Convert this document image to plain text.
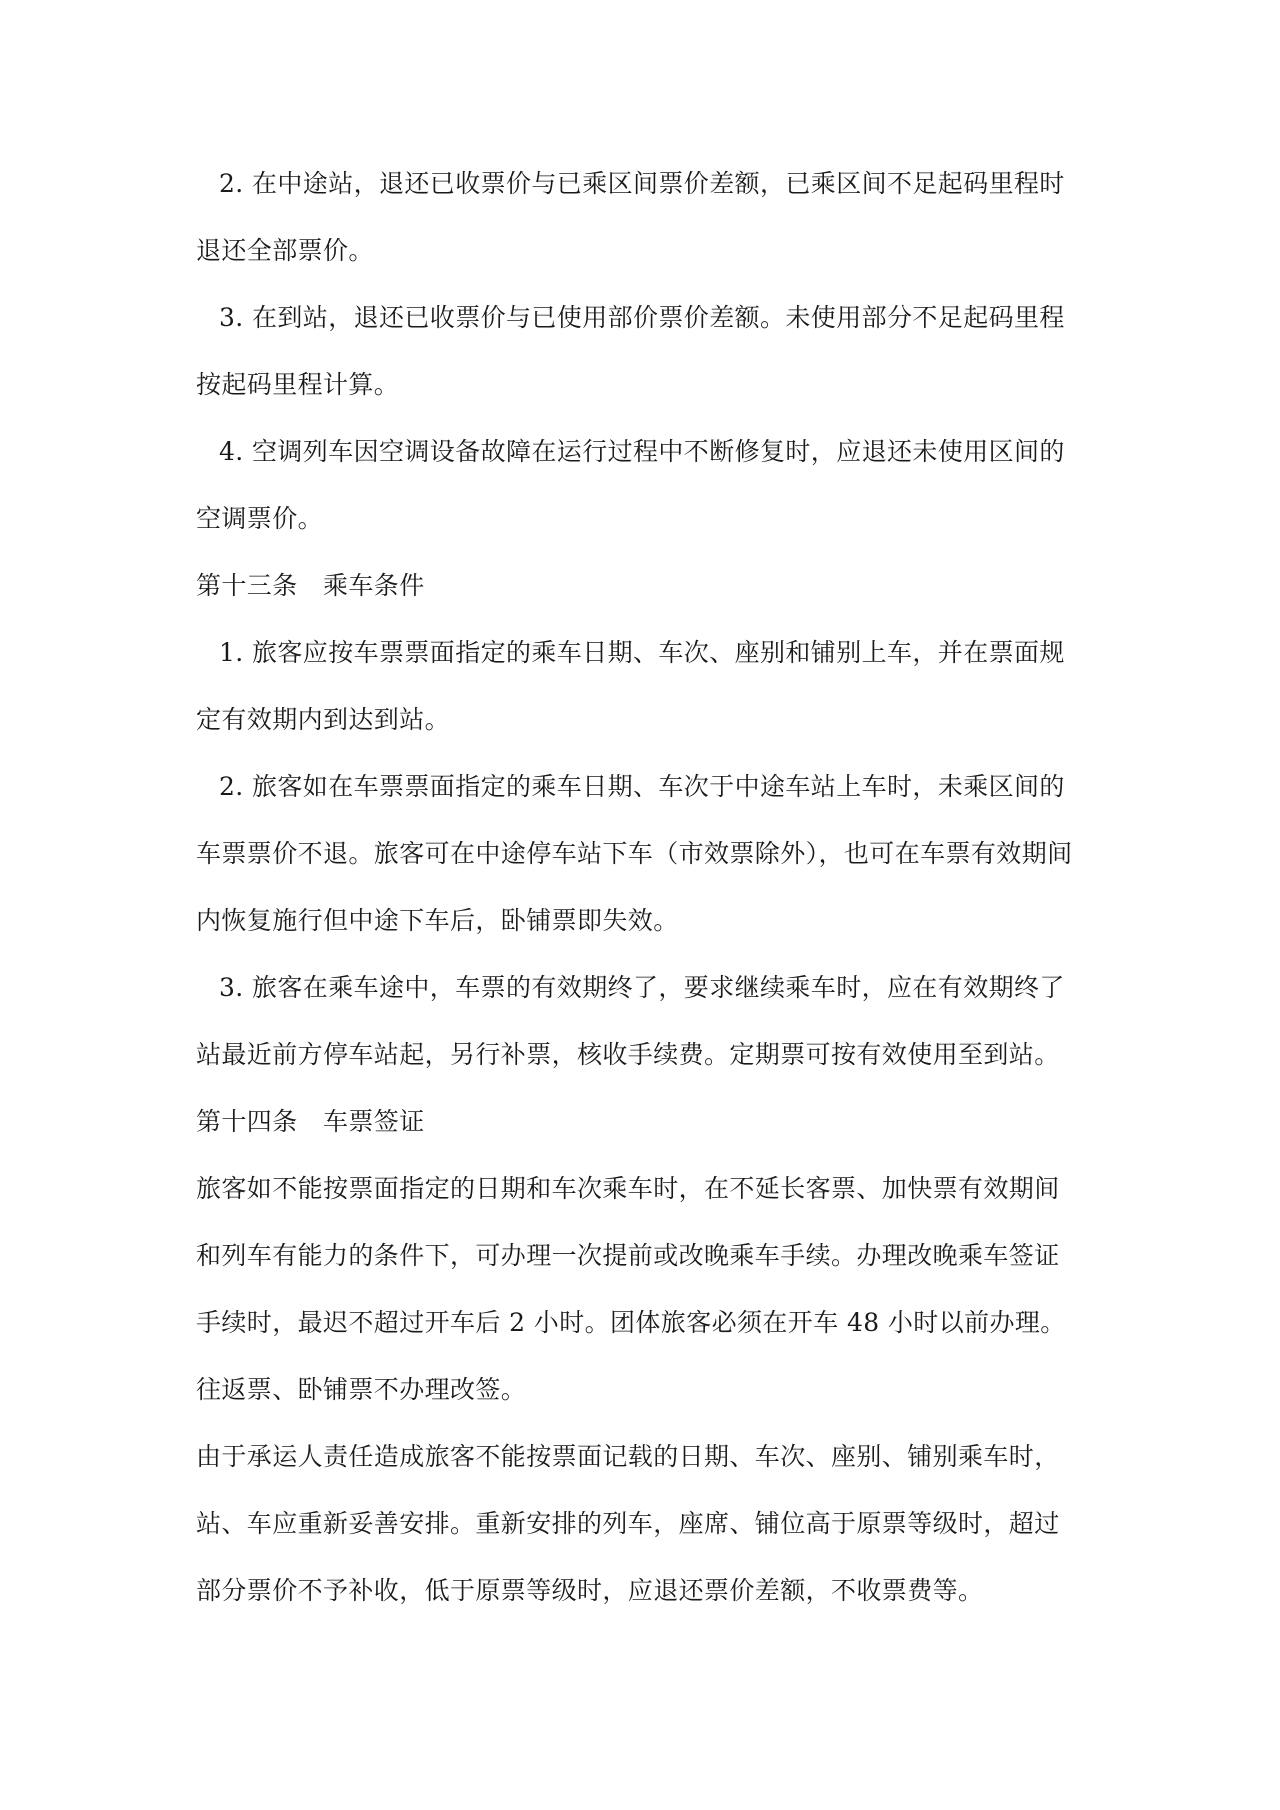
2. 在中途站，退还已收票价与已乘区间票价差额，已乘区间不足起码里程时
退还全部票价。
3. 在到站，退还已收票价与已使用部价票价差额。未使用部分不足起码里程
按起码里程计算。
4. 空调列车因空调设备故障在运行过程中不断修复时，应退还未使用区间的
空调票价。
第十三条　乘车条件
1. 旅客应按车票票面指定的乘车日期、车次、座别和铺别上车，并在票面规
定有效期内到达到站。
2. 旅客如在车票票面指定的乘车日期、车次于中途车站上车时，未乘区间的
车票票价不退。旅客可在中途停车站下车（市效票除外），也可在车票有效期间
内恢复施行但中途下车后，卧铺票即失效。
3. 旅客在乘车途中，车票的有效期终了，要求继续乘车时，应在有效期终了
站最近前方停车站起，另行补票，核收手续费。定期票可按有效使用至到站。
第十四条　车票签证
旅客如不能按票面指定的日期和车次乘车时，在不延长客票、加快票有效期间
和列车有能力的条件下，可办理一次提前或改晚乘车手续。办理改晚乘车签证
手续时，最迟不超过开车后 2 小时。团体旅客必须在开车 48 小时以前办理。
往返票、卧铺票不办理改签。
由于承运人责任造成旅客不能按票面记载的日期、车次、座别、铺别乘车时，
站、车应重新妥善安排。重新安排的列车，座席、铺位高于原票等级时，超过
部分票价不予补收，低于原票等级时，应退还票价差额，不收票费等。
